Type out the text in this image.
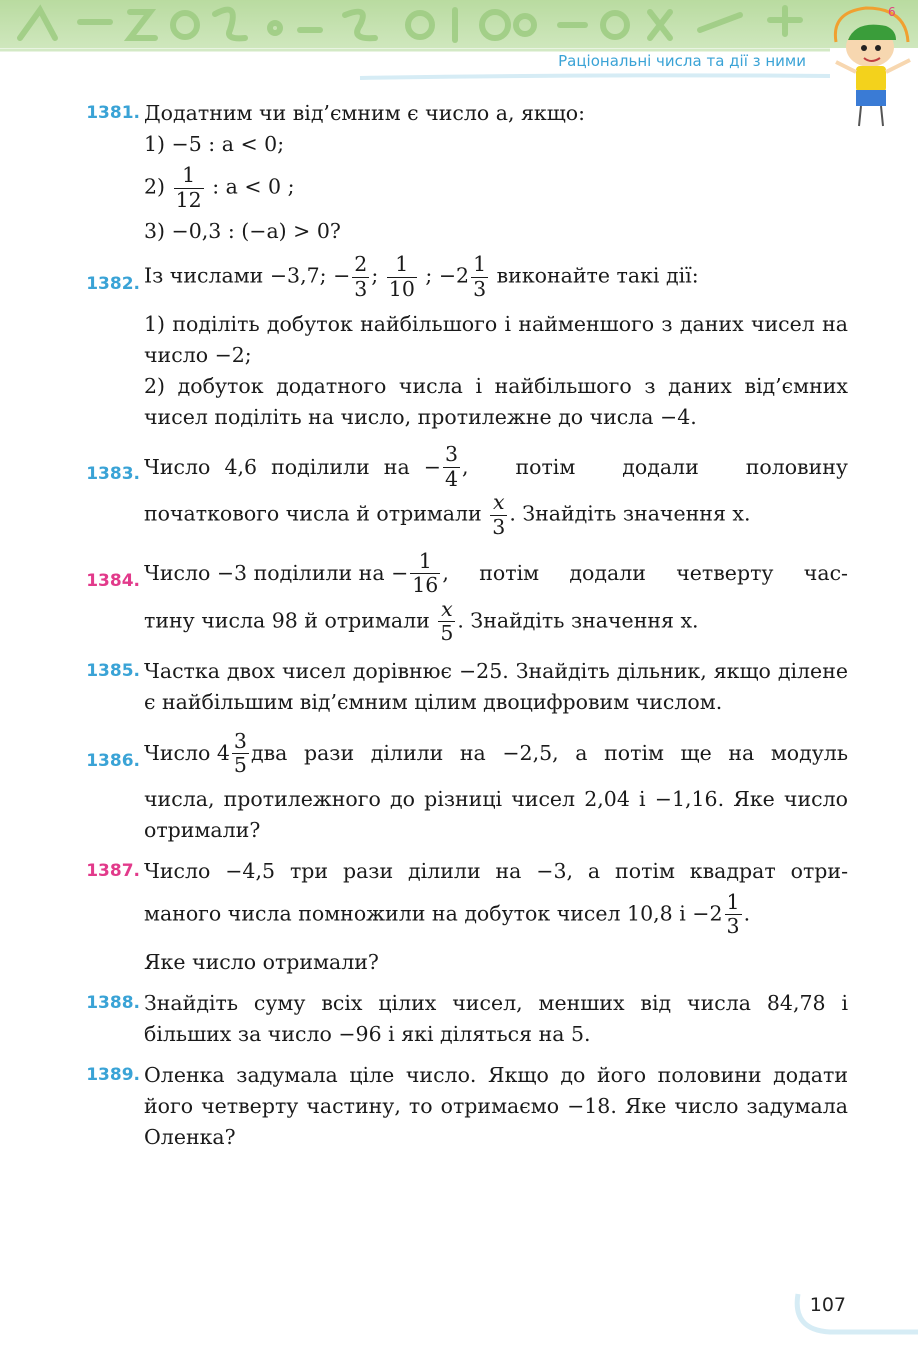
Раціональні числа та дії з ними
6
1381. Додатним чи від’ємним є число а, якщо:
1) −5 : а < 0;
$2) \frac{1}{12}$ : a < 0 ;
3) −0,3 : (−а) > 0?
1382. Із числами −3,7; − $\frac{2}{3}$ ; $\frac{1}{10}$ ; $-2 \frac{1}{3}$ виконайте такі дії:
1) поділіть добуток найбільшого і найменшого з даних чисел на число −2;
2) добуток додатного числа і найбільшого з даних від’ємних чисел поділіть на число, протилежне до числа −4.
1383. Число 4,6 поділили на − $\frac{3}{4}$ , потім додали половину
початкового числа й отримали $\frac{x}{3}$ . Знайдіть значення x.
1384. Число −3 поділили на − $\frac{1}{16}$ , потім додали четверту час-
тину числа 98 й отримали $\frac{x}{5}$ . Знайдіть значення x.
1385. Частка двох чисел дорівнює −25. Знайдіть дільник, якщо ділене є найбільшим від’ємним цілим двоцифровим числом.
1386. Число $4 \frac{3}{5}$ два рази ділили на −2,5, а потім ще на модуль
числа, протилежного до різниці чисел 2,04 і −1,16. Яке число отримали?
1387. Число −4,5 три рази ділили на −3, а потім квадрат отри-
маного числа помножили на добуток чисел 10,8 $і -2 \frac{1}{3}$ .
Яке число отримали?
1388. Знайдіть суму всіх цілих чисел, менших від числа 84,78 і більших за число −96 і які діляться на 5.
1389. Оленка задумала ціле число. Якщо до його половини додати його четверту частину, то отримаємо −18. Яке число задумала Оленка?
107
